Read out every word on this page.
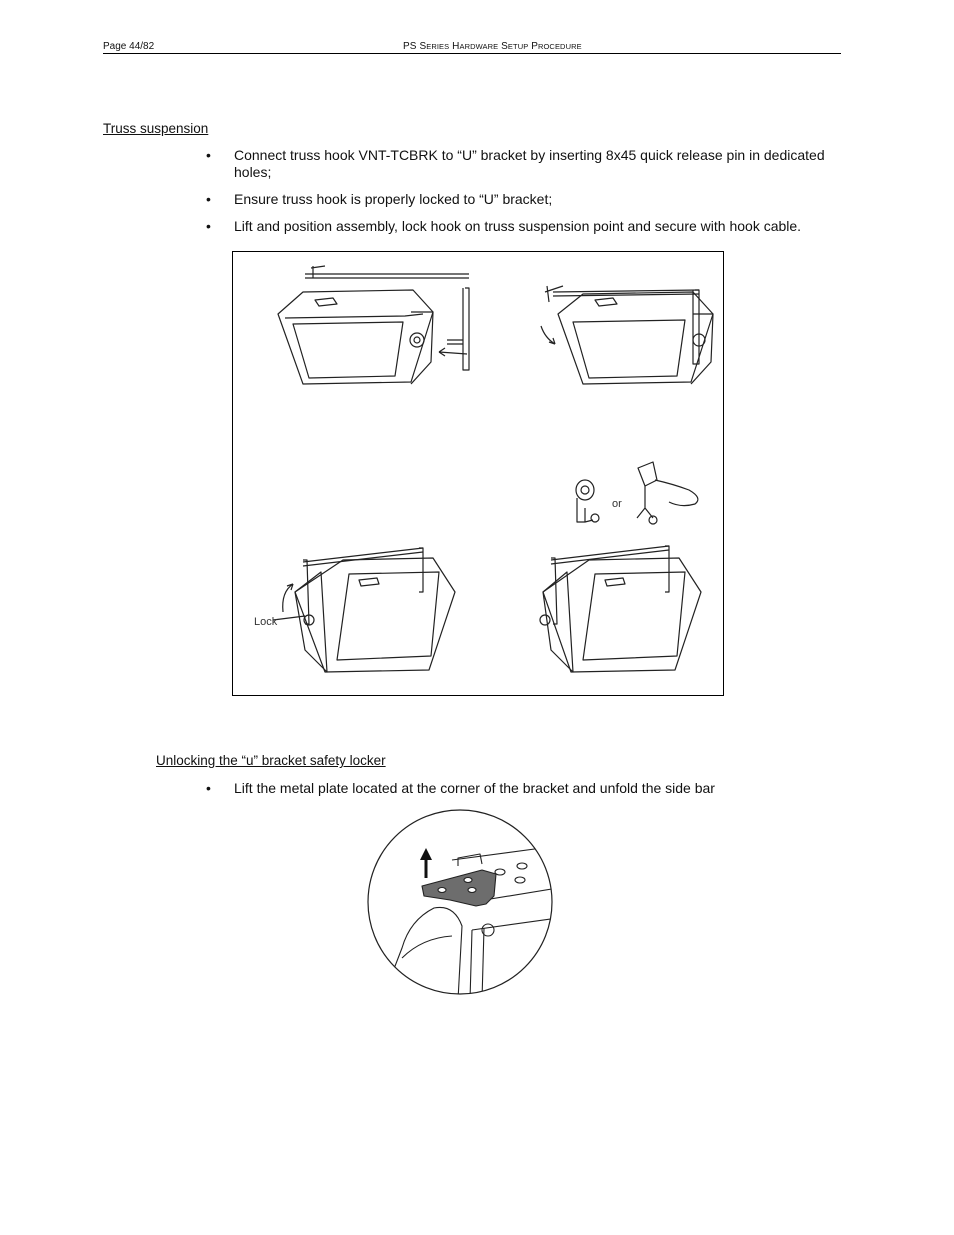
Page 44/82	PS SERIES HARDWARE SETUP PROCEDURE
Truss suspension
• Connect truss hook VNT-TCBRK to “U” bracket by inserting 8x45 quick release pin in dedicated holes;
• Ensure truss hook is properly locked to “U” bracket;
• Lift and position assembly, lock hook on truss suspension point and secure with hook cable.
or
Lock
Unlocking the “u” bracket safety locker
• Lift the metal plate located at the corner of the bracket and unfold the side bar
